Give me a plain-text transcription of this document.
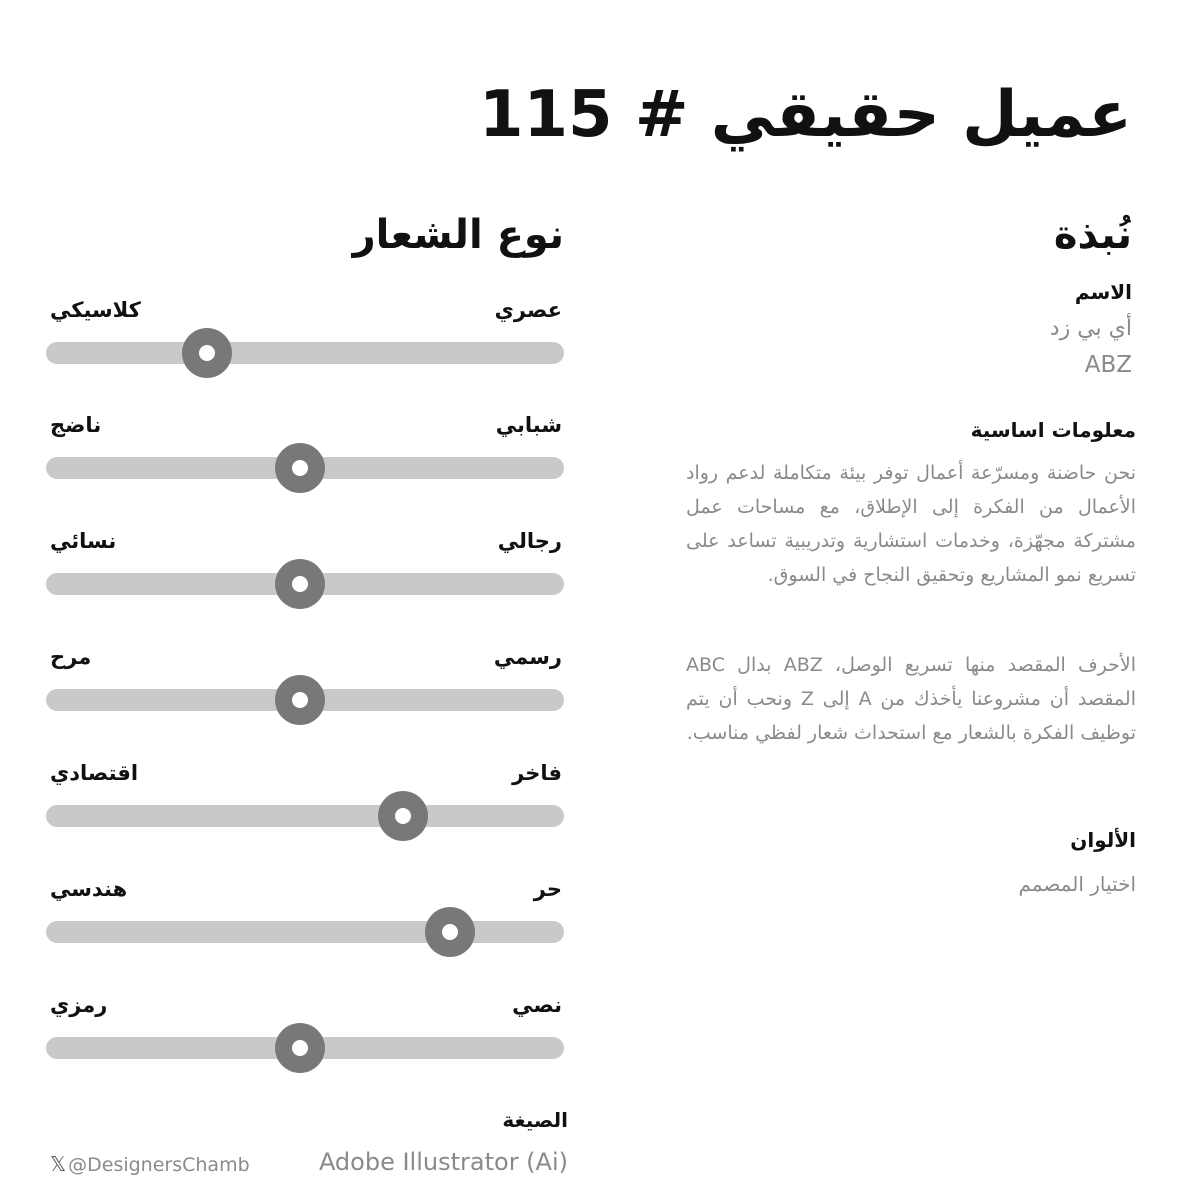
عميل حقيقي # 115
نوع الشعار
عصري
كلاسيكي
شبابي
ناضج
رجالي
نسائي
رسمي
مرح
فاخر
اقتصادي
حر
هندسي
نصي
رمزي
الصيغة
Adobe Illustrator (Ai)
𝕏 @DesignersChamb
نُبذة
الاسم
أي بي زد
ABZ
معلومات اساسية
نحن حاضنة ومسرّعة أعمال توفر بيئة متكاملة لدعم رواد الأعمال من الفكرة إلى الإطلاق، مع مساحات عمل مشتركة مجهّزة، وخدمات استشارية وتدريبية تساعد على تسريع نمو المشاريع وتحقيق النجاح في السوق.
الأحرف المقصد منها تسريع الوصل، ABZ بدال ABC المقصد أن مشروعنا يأخذك من A إلى Z ونحب أن يتم توظيف الفكرة بالشعار مع استحداث شعار لفظي مناسب.
الألوان
اختيار المصمم
